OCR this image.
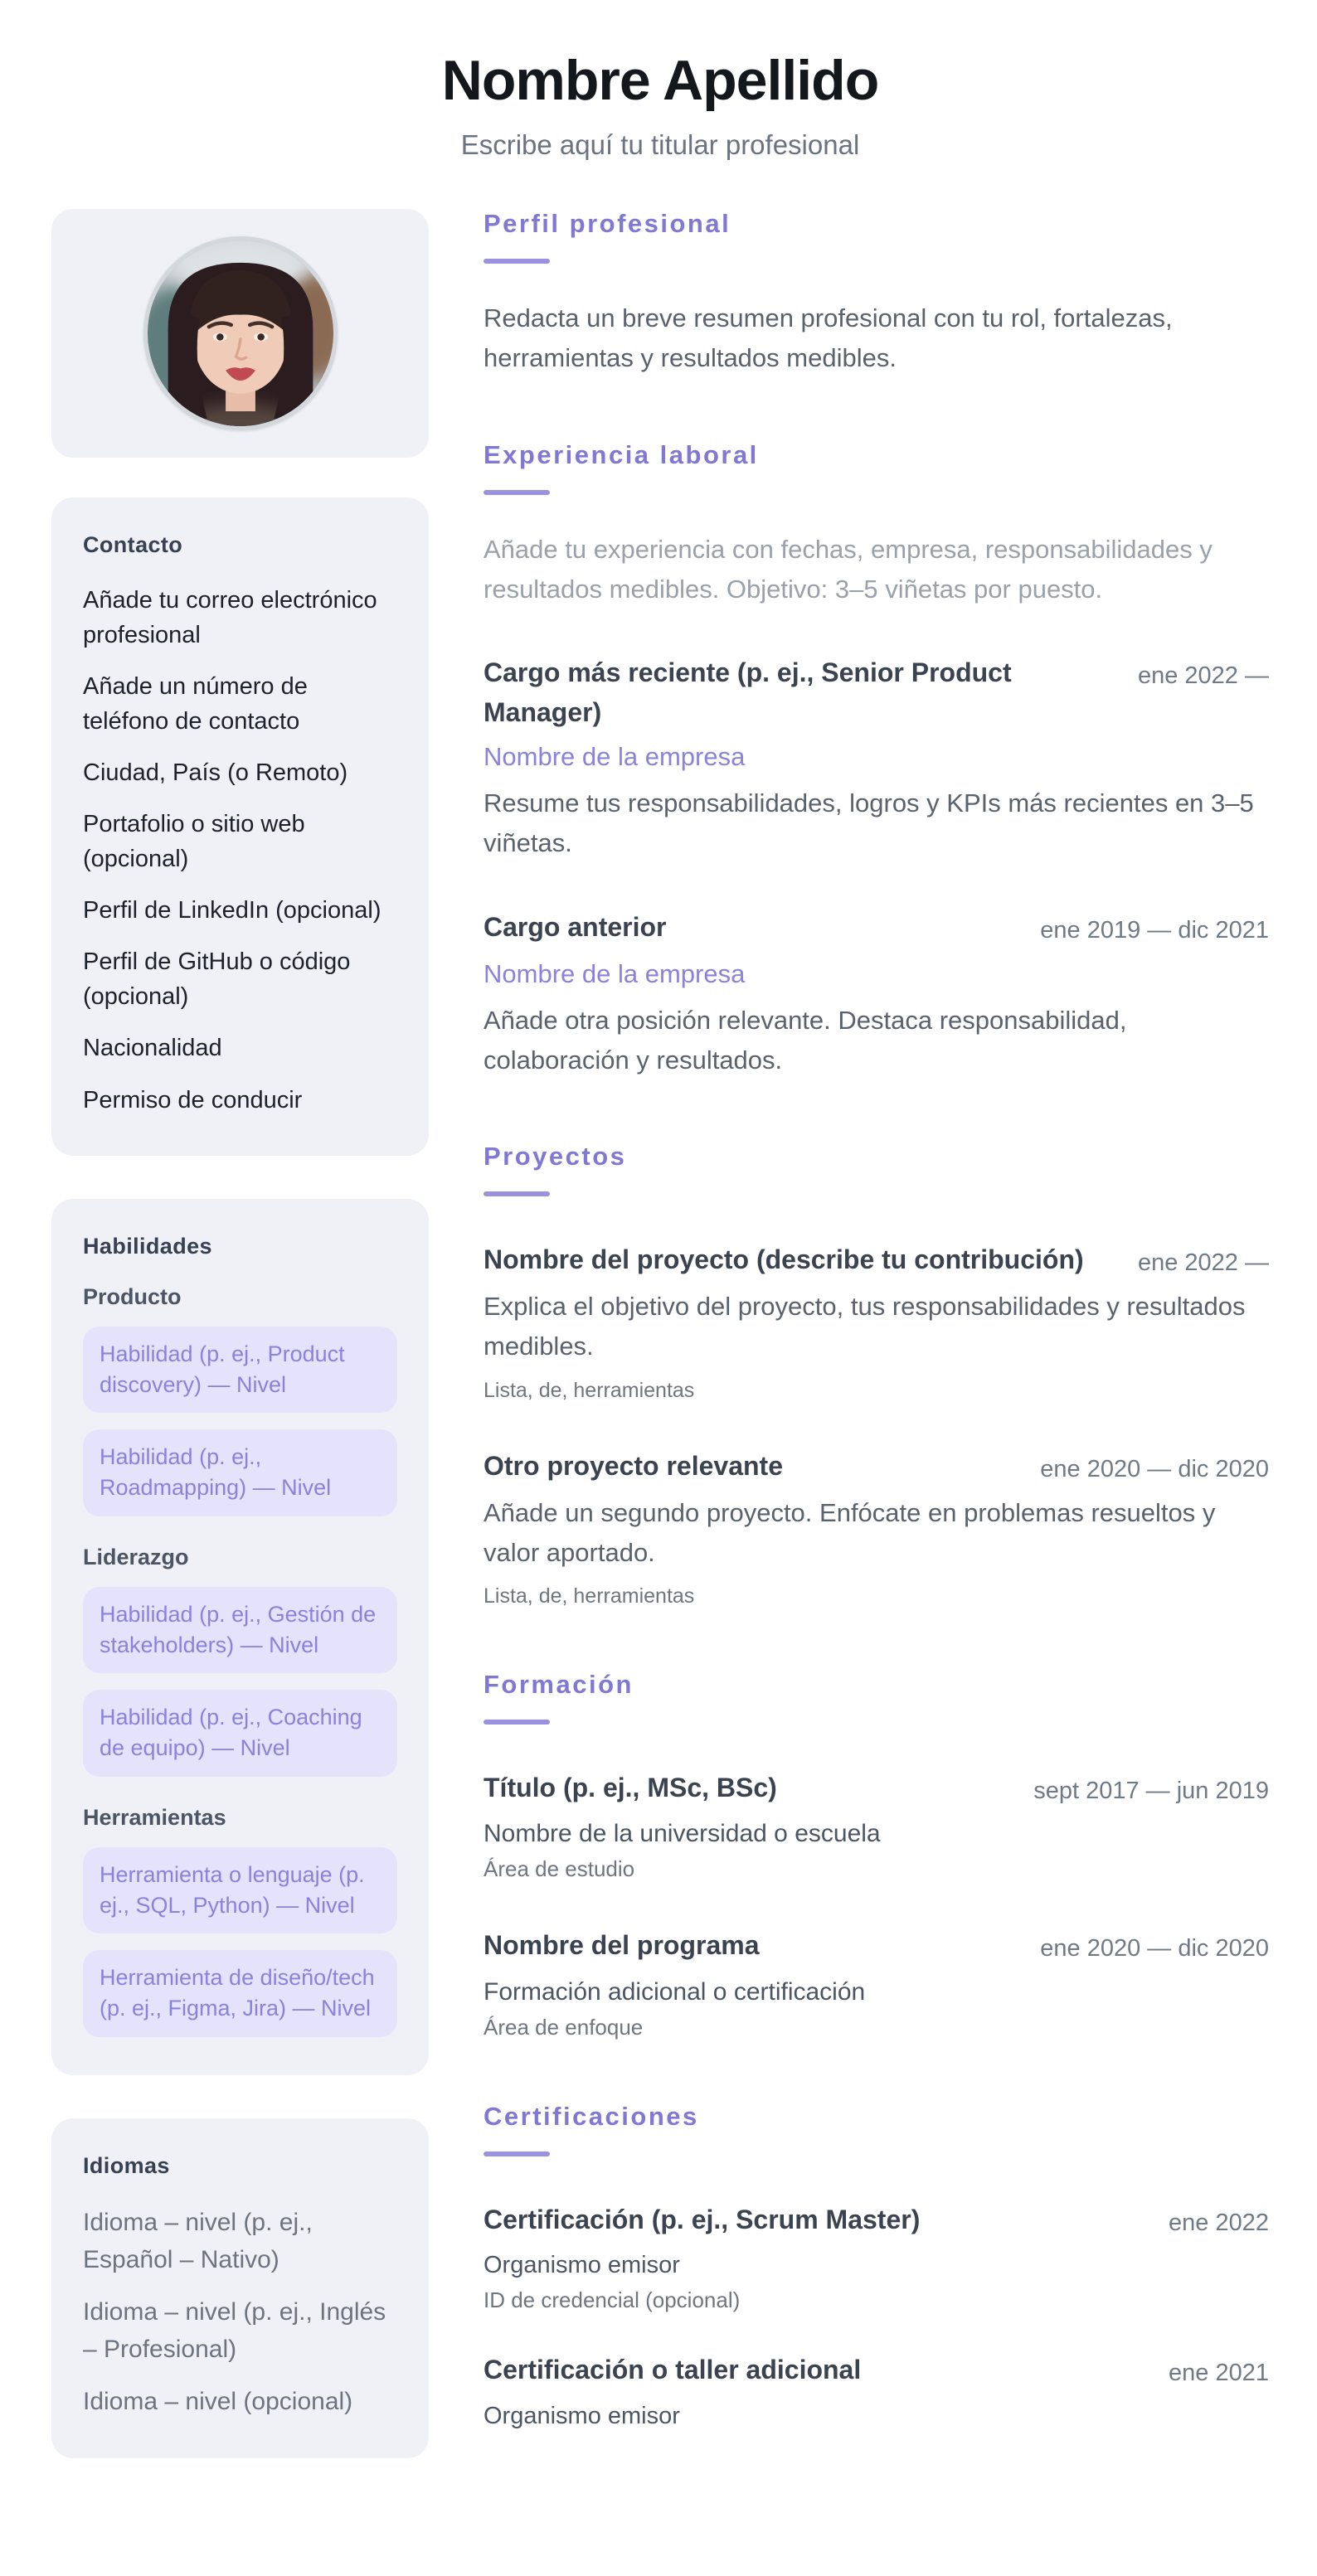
Nombre Apellido
Escribe aquí tu titular profesional
Contacto
Añade tu correo electrónico profesional
Añade un número de teléfono de contacto
Ciudad, País (o Remoto)
Portafolio o sitio web (opcional)
Perfil de LinkedIn (opcional)
Perfil de GitHub o código (opcional)
Nacionalidad
Permiso de conducir
Habilidades
Producto
Habilidad (p. ej., Product discovery) — Nivel
Habilidad (p. ej., Roadmapping) — Nivel
Liderazgo
Habilidad (p. ej., Gestión de stakeholders) — Nivel
Habilidad (p. ej., Coaching de equipo) — Nivel
Herramientas
Herramienta o lenguaje (p. ej., SQL, Python) — Nivel
Herramienta de diseño/tech (p. ej., Figma, Jira) — Nivel
Idiomas
Idioma – nivel (p. ej., Español – Nativo)
Idioma – nivel (p. ej., Inglés – Profesional)
Idioma – nivel (opcional)
Perfil profesional

Redacta un breve resumen profesional con tu rol, fortalezas, herramientas y resultados medibles.

Experiencia laboral

Añade tu experiencia con fechas, empresa, responsabilidades y resultados medibles. Objetivo: 3–5 viñetas por puesto.

Cargo más reciente (p. ej., Senior Product Manager)
ene 2022 —
Nombre de la empresa

Resume tus responsabilidades, logros y KPIs más recientes en 3–5 viñetas.

Cargo anterior	ene 2019 — dic 2021
Nombre de la empresa

Añade otra posición relevante. Destaca responsabilidad, colaboración y resultados.

Proyectos
Nombre del proyecto (describe tu contribución)	ene 2022 —

Explica el objetivo del proyecto, tus responsabilidades y resultados medibles.

Lista, de, herramientas
Otro proyecto relevante	ene 2020 — dic 2020

Añade un segundo proyecto. Enfócate en problemas resueltos y valor aportado.

Lista, de, herramientas
Formación
Título (p. ej., MSc, BSc)	sept 2017 — jun 2019
Nombre de la universidad o escuela
Área de estudio
Nombre del programa	ene 2020 — dic 2020
Formación adicional o certificación
Área de enfoque
Certificaciones
Certificación (p. ej., Scrum Master)	ene 2022
Organismo emisor
ID de credencial (opcional)
Certificación o taller adicional	ene 2021
Organismo emisor
